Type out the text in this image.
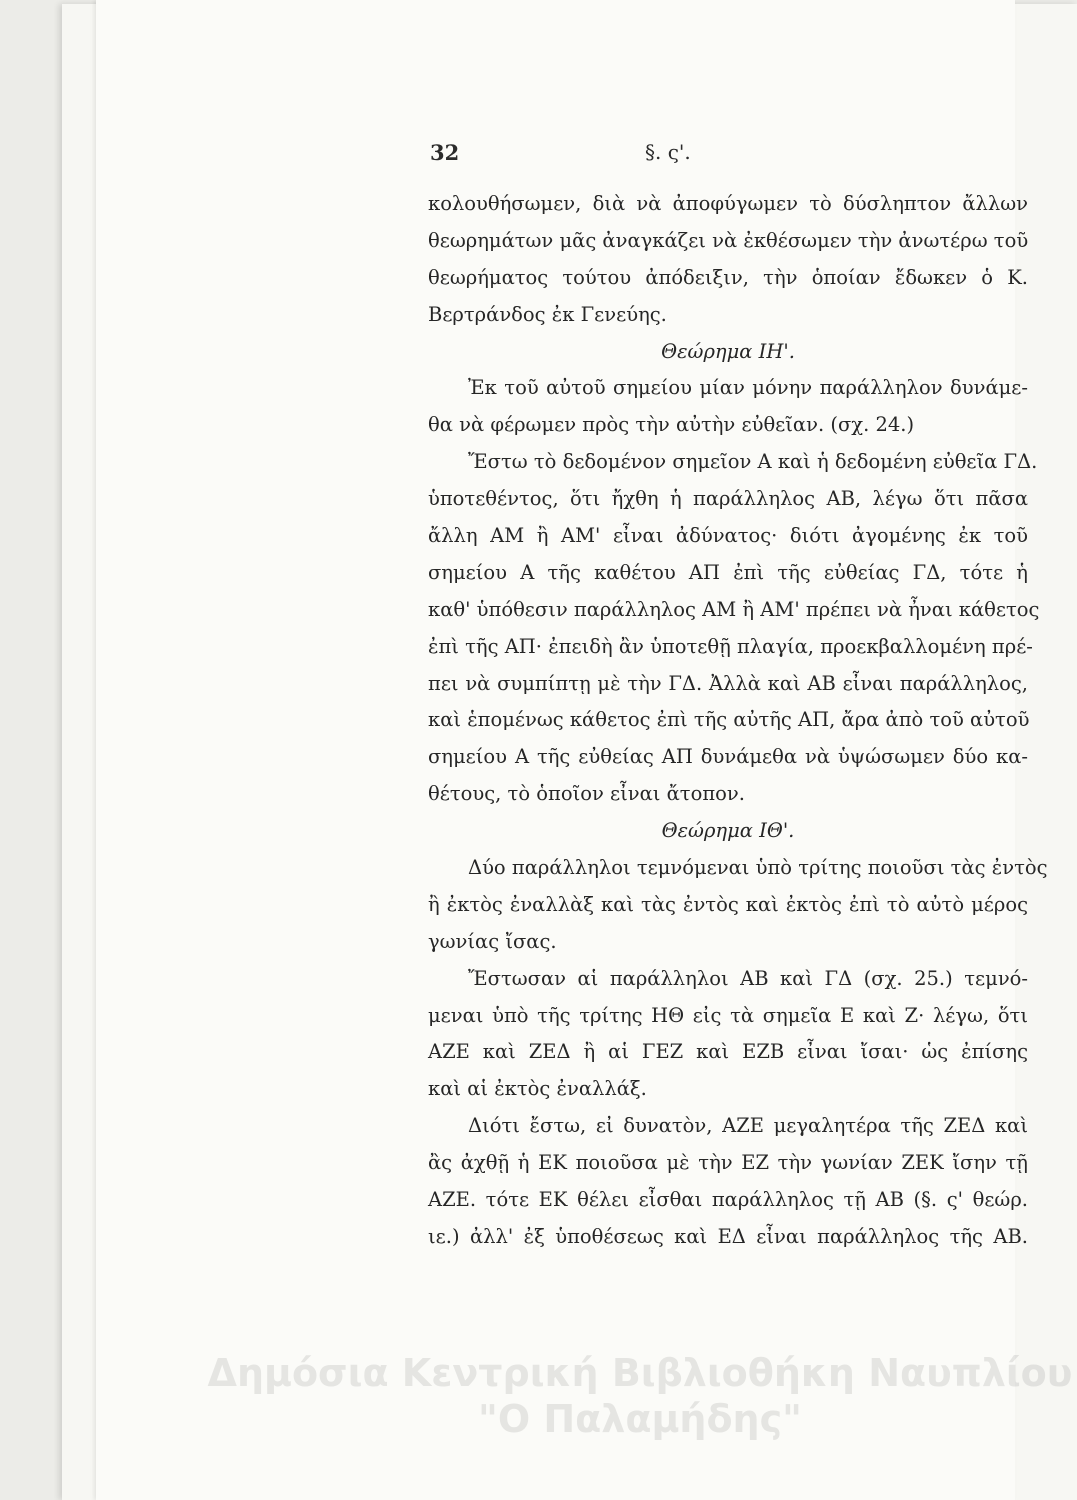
32	§. ς'.
κολουθήσωμεν, διὰ νὰ ἀποφύγωμεν τὸ δύσληπτον ἄλλων
θεωρημάτων μᾶς ἀναγκάζει νὰ ἐκθέσωμεν τὴν ἀνωτέρω τοῦ
θεωρήματος τούτου ἀπόδειξιν, τὴν ὁποίαν ἔδωκεν ὁ Κ.
Βερτράνδος ἐκ Γενεύης.
Θεώρημα ΙΗ'.
Ἐκ τοῦ αὐτοῦ σημείου μίαν μόνην παράλληλον δυνάμε-
θα νὰ φέρωμεν πρὸς τὴν αὐτὴν εὐθεῖαν. (σχ. 24.)
Ἔστω τὸ δεδομένον σημεῖον Α καὶ ἡ δεδομένη εὐθεῖα ΓΔ.
ὑποτεθέντος, ὅτι ἤχθη ἡ παράλληλος ΑΒ, λέγω ὅτι πᾶσα
ἄλλη ΑΜ ἢ ΑΜ' εἶναι ἀδύνατος· διότι ἀγομένης ἐκ τοῦ
σημείου Α τῆς καθέτου ΑΠ ἐπὶ τῆς εὐθείας ΓΔ, τότε ἡ
καθ' ὑπόθεσιν παράλληλος ΑΜ ἢ ΑΜ' πρέπει νὰ ἦναι κάθετος
ἐπὶ τῆς ΑΠ· ἐπειδὴ ἂν ὑποτεθῇ πλαγία, προεκβαλλομένη πρέ-
πει νὰ συμπίπτῃ μὲ τὴν ΓΔ. Ἀλλὰ καὶ ΑΒ εἶναι παράλληλος,
καὶ ἑπομένως κάθετος ἐπὶ τῆς αὐτῆς ΑΠ, ἄρα ἀπὸ τοῦ αὐτοῦ
σημείου Α τῆς εὐθείας ΑΠ δυνάμεθα νὰ ὑψώσωμεν δύο κα-
θέτους, τὸ ὁποῖον εἶναι ἄτοπον.
Θεώρημα ΙΘ'.
Δύο παράλληλοι τεμνόμεναι ὑπὸ τρίτης ποιοῦσι τὰς ἐντὸς
ἢ ἐκτὸς ἐναλλὰξ καὶ τὰς ἐντὸς καὶ ἐκτὸς ἐπὶ τὸ αὐτὸ μέρος
γωνίας ἴσας.
Ἔστωσαν αἱ παράλληλοι ΑΒ καὶ ΓΔ (σχ. 25.) τεμνό-
μεναι ὑπὸ τῆς τρίτης ΗΘ εἰς τὰ σημεῖα Ε καὶ Ζ· λέγω, ὅτι
ΑΖΕ καὶ ΖΕΔ ἢ αἱ ΓΕΖ καὶ ΕΖΒ εἶναι ἴσαι· ὡς ἐπίσης
καὶ αἱ ἐκτὸς ἐναλλάξ.
Διότι ἔστω, εἰ δυνατὸν, ΑΖΕ μεγαλητέρα τῆς ΖΕΔ καὶ
ἂς ἀχθῇ ἡ ΕΚ ποιοῦσα μὲ τὴν ΕΖ τὴν γωνίαν ΖΕΚ ἴσην τῇ
ΑΖΕ. τότε ΕΚ θέλει εἶσθαι παράλληλος τῇ ΑΒ (§. ς' θεώρ.
ιε.) ἀλλ' ἐξ ὑποθέσεως καὶ ΕΔ εἶναι παράλληλος τῆς ΑΒ.
Δημόσια Κεντρική Βιβλιοθήκη Ναυπλίου
"Ο Παλαμήδης"
